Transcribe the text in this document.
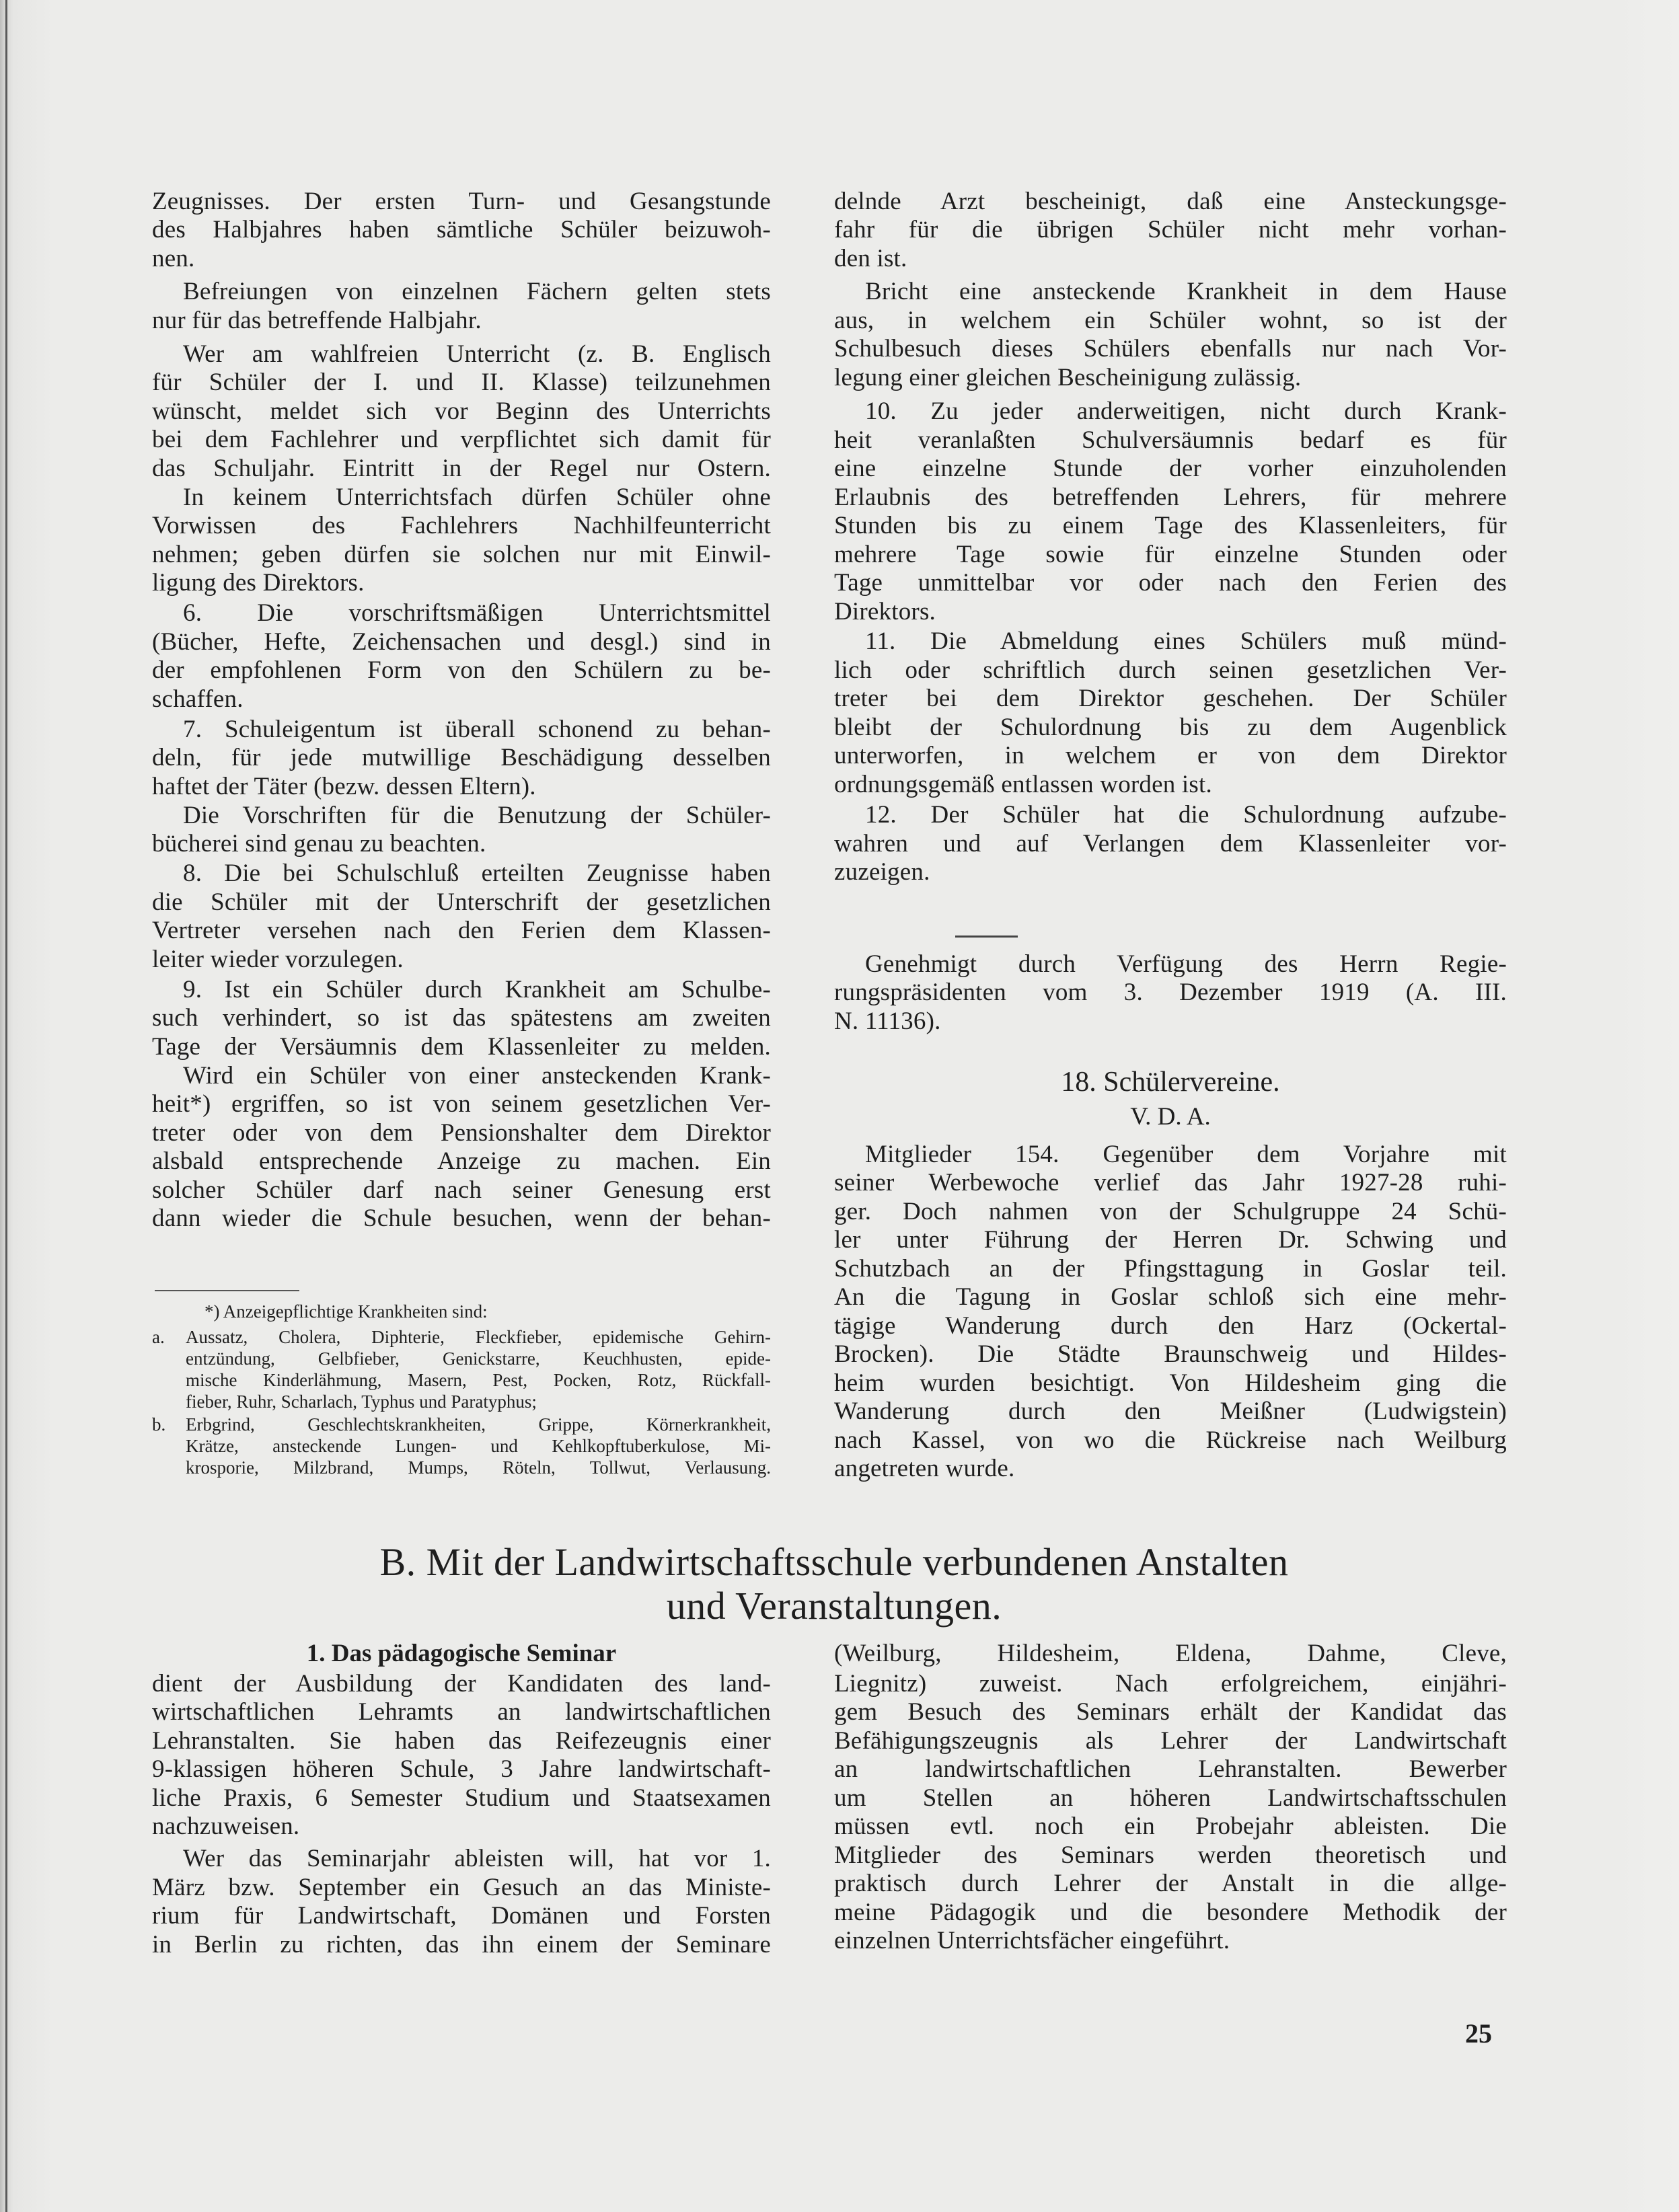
Zeugnisses. Der ersten Turn- und Gesangstunde
des Halbjahres haben sämtliche Schüler beizuwoh-
nen.
Befreiungen von einzelnen Fächern gelten stets
nur für das betreffende Halbjahr.
Wer am wahlfreien Unterricht (z. B. Englisch
für Schüler der I. und II. Klasse) teilzunehmen
wünscht, meldet sich vor Beginn des Unterrichts
bei dem Fachlehrer und verpflichtet sich damit für
das Schuljahr. Eintritt in der Regel nur Ostern.
In keinem Unterrichtsfach dürfen Schüler ohne
Vorwissen des Fachlehrers Nachhilfeunterricht
nehmen; geben dürfen sie solchen nur mit Einwil-
ligung des Direktors.
6. Die vorschriftsmäßigen Unterrichtsmittel
(Bücher, Hefte, Zeichensachen und desgl.) sind in
der empfohlenen Form von den Schülern zu be-
schaffen.
7. Schuleigentum ist überall schonend zu behan-
deln, für jede mutwillige Beschädigung desselben
haftet der Täter (bezw. dessen Eltern).
Die Vorschriften für die Benutzung der Schüler-
bücherei sind genau zu beachten.
8. Die bei Schulschluß erteilten Zeugnisse haben
die Schüler mit der Unterschrift der gesetzlichen
Vertreter versehen nach den Ferien dem Klassen-
leiter wieder vorzulegen.
9. Ist ein Schüler durch Krankheit am Schulbe-
such verhindert, so ist das spätestens am zweiten
Tage der Versäumnis dem Klassenleiter zu melden.
Wird ein Schüler von einer ansteckenden Krank-
heit*) ergriffen, so ist von seinem gesetzlichen Ver-
treter oder von dem Pensionshalter dem Direktor
alsbald entsprechende Anzeige zu machen. Ein
solcher Schüler darf nach seiner Genesung erst
dann wieder die Schule besuchen, wenn der behan-
*) Anzeigepflichtige Krankheiten sind:
a. Aussatz, Cholera, Diphterie, Fleckfieber, epidemische Gehirn-
entzündung, Gelbfieber, Genickstarre, Keuchhusten, epide-
mische Kinderlähmung, Masern, Pest, Pocken, Rotz, Rückfall-
fieber, Ruhr, Scharlach, Typhus und Paratyphus;
b. Erbgrind, Geschlechtskrankheiten, Grippe, Körnerkrankheit,
Krätze, ansteckende Lungen- und Kehlkopftuberkulose, Mi-
krosporie, Milzbrand, Mumps, Röteln, Tollwut, Verlausung.
delnde Arzt bescheinigt, daß eine Ansteckungsge-
fahr für die übrigen Schüler nicht mehr vorhan-
den ist.
Bricht eine ansteckende Krankheit in dem Hause
aus, in welchem ein Schüler wohnt, so ist der
Schulbesuch dieses Schülers ebenfalls nur nach Vor-
legung einer gleichen Bescheinigung zulässig.
10. Zu jeder anderweitigen, nicht durch Krank-
heit veranlaßten Schulversäumnis bedarf es für
eine einzelne Stunde der vorher einzuholenden
Erlaubnis des betreffenden Lehrers, für mehrere
Stunden bis zu einem Tage des Klassenleiters, für
mehrere Tage sowie für einzelne Stunden oder
Tage unmittelbar vor oder nach den Ferien des
Direktors.
11. Die Abmeldung eines Schülers muß münd-
lich oder schriftlich durch seinen gesetzlichen Ver-
treter bei dem Direktor geschehen. Der Schüler
bleibt der Schulordnung bis zu dem Augenblick
unterworfen, in welchem er von dem Direktor
ordnungsgemäß entlassen worden ist.
12. Der Schüler hat die Schulordnung aufzube-
wahren und auf Verlangen dem Klassenleiter vor-
zuzeigen.
Genehmigt durch Verfügung des Herrn Regie-
rungspräsidenten vom 3. Dezember 1919 (A. III.
N. 11136).
18. Schülervereine.
V. D. A.
Mitglieder 154. Gegenüber dem Vorjahre mit
seiner Werbewoche verlief das Jahr 1927-28 ruhi-
ger. Doch nahmen von der Schulgruppe 24 Schü-
ler unter Führung der Herren Dr. Schwing und
Schutzbach an der Pfingsttagung in Goslar teil.
An die Tagung in Goslar schloß sich eine mehr-
tägige Wanderung durch den Harz (Ockertal-
Brocken). Die Städte Braunschweig und Hildes-
heim wurden besichtigt. Von Hildesheim ging die
Wanderung durch den Meißner (Ludwigstein)
nach Kassel, von wo die Rückreise nach Weilburg
angetreten wurde.
B. Mit der Landwirtschaftsschule verbundenen Anstalten
und Veranstaltungen.
1. Das pädagogische Seminar
dient der Ausbildung der Kandidaten des land-
wirtschaftlichen Lehramts an landwirtschaftlichen
Lehranstalten. Sie haben das Reifezeugnis einer
9-klassigen höheren Schule, 3 Jahre landwirtschaft-
liche Praxis, 6 Semester Studium und Staatsexamen
nachzuweisen.
Wer das Seminarjahr ableisten will, hat vor 1.
März bzw. September ein Gesuch an das Ministe-
rium für Landwirtschaft, Domänen und Forsten
in Berlin zu richten, das ihn einem der Seminare
(Weilburg, Hildesheim, Eldena, Dahme, Cleve,
Liegnitz) zuweist. Nach erfolgreichem, einjähri-
gem Besuch des Seminars erhält der Kandidat das
Befähigungszeugnis als Lehrer der Landwirtschaft
an landwirtschaftlichen Lehranstalten. Bewerber
um Stellen an höheren Landwirtschaftsschulen
müssen evtl. noch ein Probejahr ableisten. Die
Mitglieder des Seminars werden theoretisch und
praktisch durch Lehrer der Anstalt in die allge-
meine Pädagogik und die besondere Methodik der
einzelnen Unterrichtsfächer eingeführt.
25
